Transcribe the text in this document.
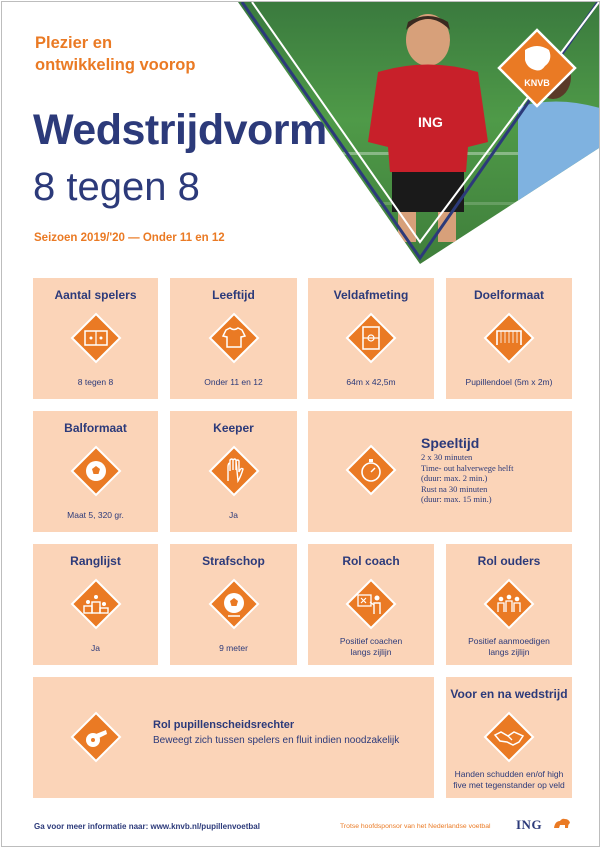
ING
KNVB
Plezier en
ontwikkeling voorop
Wedstrijdvorm
8 tegen 8
Seizoen 2019/'20 — Onder 11 en 12
Aantal spelers
8 tegen 8
Leeftijd
Onder 11 en 12
Veldafmeting
64m x 42,5m
Doelformaat
Pupillendoel (5m x 2m)
Balformaat
Maat 5, 320 gr.
Keeper
Ja
Speeltijd
2 x 30 minuten
Time- out halverwege helft
(duur: max. 2 min.)
Rust na 30 minuten
(duur: max. 15 min.)
Ranglijst
Ja
Strafschop
9 meter
Rol coach
Positief coachen
langs zijlijn
Rol ouders
Positief aanmoedigen
langs zijlijn
Rol pupillenscheidsrechter
Beweegt zich tussen spelers en fluit indien noodzakelijk
Voor en na wedstrijd
Handen schudden en/of high
five met tegenstander op veld
Ga voor meer informatie naar: www.knvb.nl/pupillenvoetbal	Trotse hoofdsponsor van het Nederlandse voetbal ING
